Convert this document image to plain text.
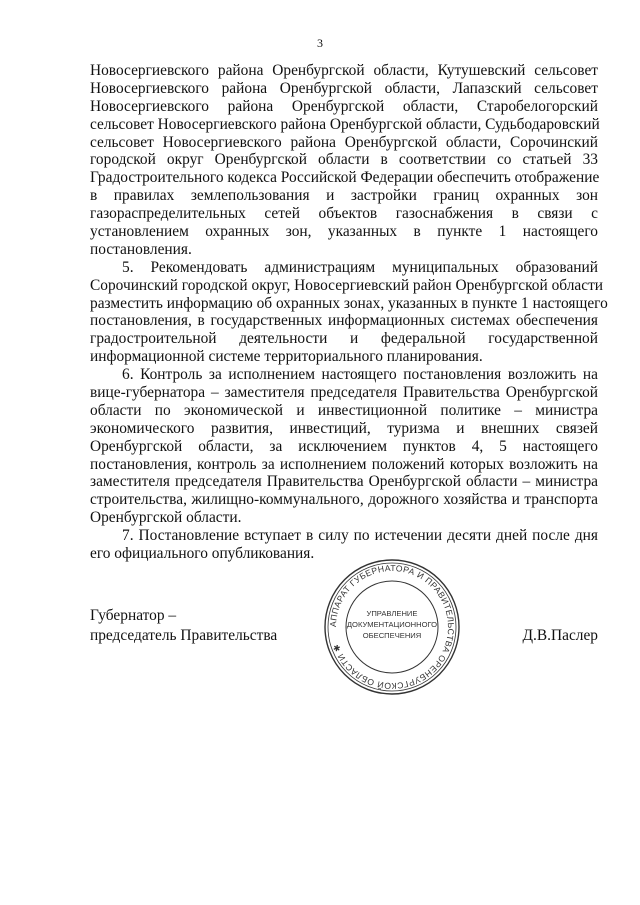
3
Новосергиевского района Оренбургской области, Кутушевский сельсовет
Новосергиевского района Оренбургской области, Лапазский сельсовет
Новосергиевского района Оренбургской области, Старобелогорский
сельсовет Новосергиевского района Оренбургской области, Судьбодаровский
сельсовет Новосергиевского района Оренбургской области, Сорочинский
городской округ Оренбургской области в соответствии со статьей 33
Градостроительного кодекса Российской Федерации обеспечить отображение
в правилах землепользования и застройки границ охранных зон
газораспределительных сетей объектов газоснабжения в связи с
установлением охранных зон, указанных в пункте 1 настоящего
постановления.
5. Рекомендовать администрациям муниципальных образований
Сорочинский городской округ, Новосергиевский район Оренбургской области
разместить информацию об охранных зонах, указанных в пункте 1 настоящего
постановления, в государственных информационных системах обеспечения
градостроительной деятельности и федеральной государственной
информационной системе территориального планирования.
6. Контроль за исполнением настоящего постановления возложить на
вице-губернатора – заместителя председателя Правительства Оренбургской
области по экономической и инвестиционной политике – министра
экономического развития, инвестиций, туризма и внешних связей
Оренбургской области, за исключением пунктов 4, 5 настоящего
постановления, контроль за исполнением положений которых возложить на
заместителя председателя Правительства Оренбургской области – министра
строительства, жилищно-коммунального, дорожного хозяйства и транспорта
Оренбургской области.
7. Постановление вступает в силу по истечении десяти дней после дня
его официального опубликования.
Губернатор –
председатель Правительства
АППАРАТ ГУБЕРНАТОРА И ПРАВИТЕЛЬСТВА ОРЕНБУРГСКОЙ ОБЛАСТИ ✱
УПРАВЛЕНИЕ
ДОКУМЕНТАЦИОННОГО
ОБЕСПЕЧЕНИЯ	Д.В.Паслер
